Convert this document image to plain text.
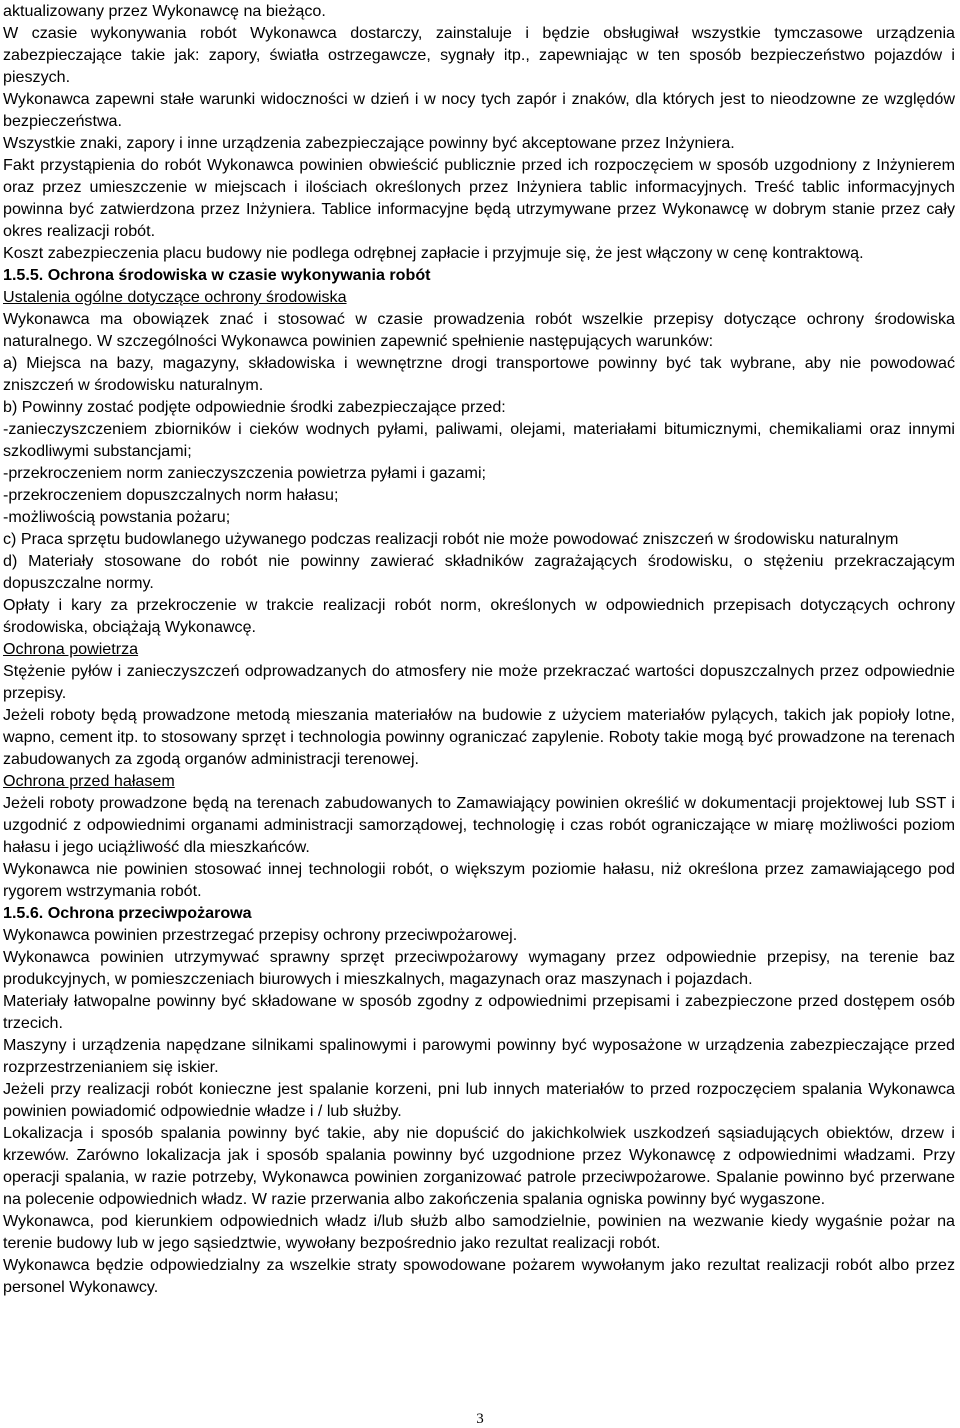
aktualizowany przez Wykonawcę na bieżąco.

W czasie wykonywania robót Wykonawca dostarczy, zainstaluje i będzie obsługiwał wszystkie tymczasowe urządzenia zabezpieczające takie jak: zapory, światła ostrzegawcze, sygnały itp., zapewniając w ten sposób bezpieczeństwo pojazdów i pieszych.

Wykonawca zapewni stałe warunki widoczności w dzień i w nocy tych zapór i znaków, dla których jest to nieodzowne ze względów bezpieczeństwa.

Wszystkie znaki, zapory i inne urządzenia zabezpieczające powinny być akceptowane przez Inżyniera.

Fakt przystąpienia do robót Wykonawca powinien obwieścić publicznie przed ich rozpoczęciem w sposób uzgodniony z Inżynierem oraz przez umieszczenie w miejscach i ilościach określonych przez Inżyniera tablic informacyjnych. Treść tablic informacyjnych powinna być zatwierdzona przez Inżyniera. Tablice informacyjne będą utrzymywane przez Wykonawcę w dobrym stanie przez cały okres realizacji robót.

Koszt zabezpieczenia placu budowy nie podlega odrębnej zapłacie i przyjmuje się, że jest włączony w cenę kontraktową.

1.5.5. Ochrona środowiska w czasie wykonywania robót

Ustalenia ogólne dotyczące ochrony środowiska

Wykonawca ma obowiązek znać i stosować w czasie prowadzenia robót wszelkie przepisy dotyczące ochrony środowiska naturalnego. W szczególności Wykonawca powinien zapewnić spełnienie następujących warunków:

a) Miejsca na bazy, magazyny, składowiska i wewnętrzne drogi transportowe powinny być tak wybrane, aby nie powodować zniszczeń w środowisku naturalnym.

b) Powinny zostać podjęte odpowiednie środki zabezpieczające przed:

-zanieczyszczeniem zbiorników i cieków wodnych pyłami, paliwami, olejami, materiałami bitumicznymi, chemikaliami oraz innymi szkodliwymi substancjami;

-przekroczeniem norm zanieczyszczenia powietrza pyłami i gazami;

-przekroczeniem dopuszczalnych norm hałasu;

-możliwością powstania pożaru;

c) Praca sprzętu budowlanego używanego podczas realizacji robót nie może powodować zniszczeń w środowisku naturalnym

d) Materiały stosowane do robót nie powinny zawierać składników zagrażających środowisku, o stężeniu przekraczającym dopuszczalne normy.

Opłaty i kary za przekroczenie w trakcie realizacji robót norm, określonych w odpowiednich przepisach dotyczących ochrony środowiska, obciążają Wykonawcę.

Ochrona powietrza

Stężenie pyłów i zanieczyszczeń odprowadzanych do atmosfery nie może przekraczać wartości dopuszczalnych przez odpowiednie przepisy.

Jeżeli roboty będą prowadzone metodą mieszania materiałów na budowie z użyciem materiałów pylących, takich jak popioły lotne, wapno, cement itp. to stosowany sprzęt i technologia powinny ograniczać zapylenie. Roboty takie mogą być prowadzone na terenach zabudowanych za zgodą organów administracji terenowej.

Ochrona przed hałasem

Jeżeli roboty prowadzone będą na terenach zabudowanych to Zamawiający powinien określić w dokumentacji projektowej lub SST i uzgodnić z odpowiednimi organami administracji samorządowej, technologię i czas robót ograniczające w miarę możliwości poziom hałasu i jego uciążliwość dla mieszkańców.

Wykonawca nie powinien stosować innej technologii robót, o większym poziomie hałasu, niż określona przez zamawiającego pod rygorem wstrzymania robót.

1.5.6. Ochrona przeciwpożarowa

Wykonawca powinien przestrzegać przepisy ochrony przeciwpożarowej.

Wykonawca powinien utrzymywać sprawny sprzęt przeciwpożarowy wymagany przez odpowiednie przepisy, na terenie baz produkcyjnych, w pomieszczeniach biurowych i mieszkalnych, magazynach oraz maszynach i pojazdach.

Materiały łatwopalne powinny być składowane w sposób zgodny z odpowiednimi przepisami i zabezpieczone przed dostępem osób trzecich.

Maszyny i urządzenia napędzane silnikami spalinowymi i parowymi powinny być wyposażone w urządzenia zabezpieczające przed rozprzestrzenianiem się iskier.

Jeżeli przy realizacji robót konieczne jest spalanie korzeni, pni lub innych materiałów to przed rozpoczęciem spalania Wykonawca powinien powiadomić odpowiednie władze i / lub służby.

Lokalizacja i sposób spalania powinny być takie, aby nie dopuścić do jakichkolwiek uszkodzeń sąsiadujących obiektów, drzew i krzewów. Zarówno lokalizacja jak i sposób spalania powinny być uzgodnione przez Wykonawcę z odpowiednimi władzami. Przy operacji spalania, w razie potrzeby, Wykonawca powinien zorganizować patrole przeciwpożarowe. Spalanie powinno być przerwane na polecenie odpowiednich władz. W razie przerwania albo zakończenia spalania ogniska powinny być wygaszone.

Wykonawca, pod kierunkiem odpowiednich władz i/lub służb albo samodzielnie, powinien na wezwanie kiedy wygaśnie pożar na terenie budowy lub w jego sąsiedztwie, wywołany bezpośrednio jako rezultat realizacji robót.

Wykonawca będzie odpowiedzialny za wszelkie straty spowodowane pożarem wywołanym jako rezultat realizacji robót albo przez personel Wykonawcy.

3
